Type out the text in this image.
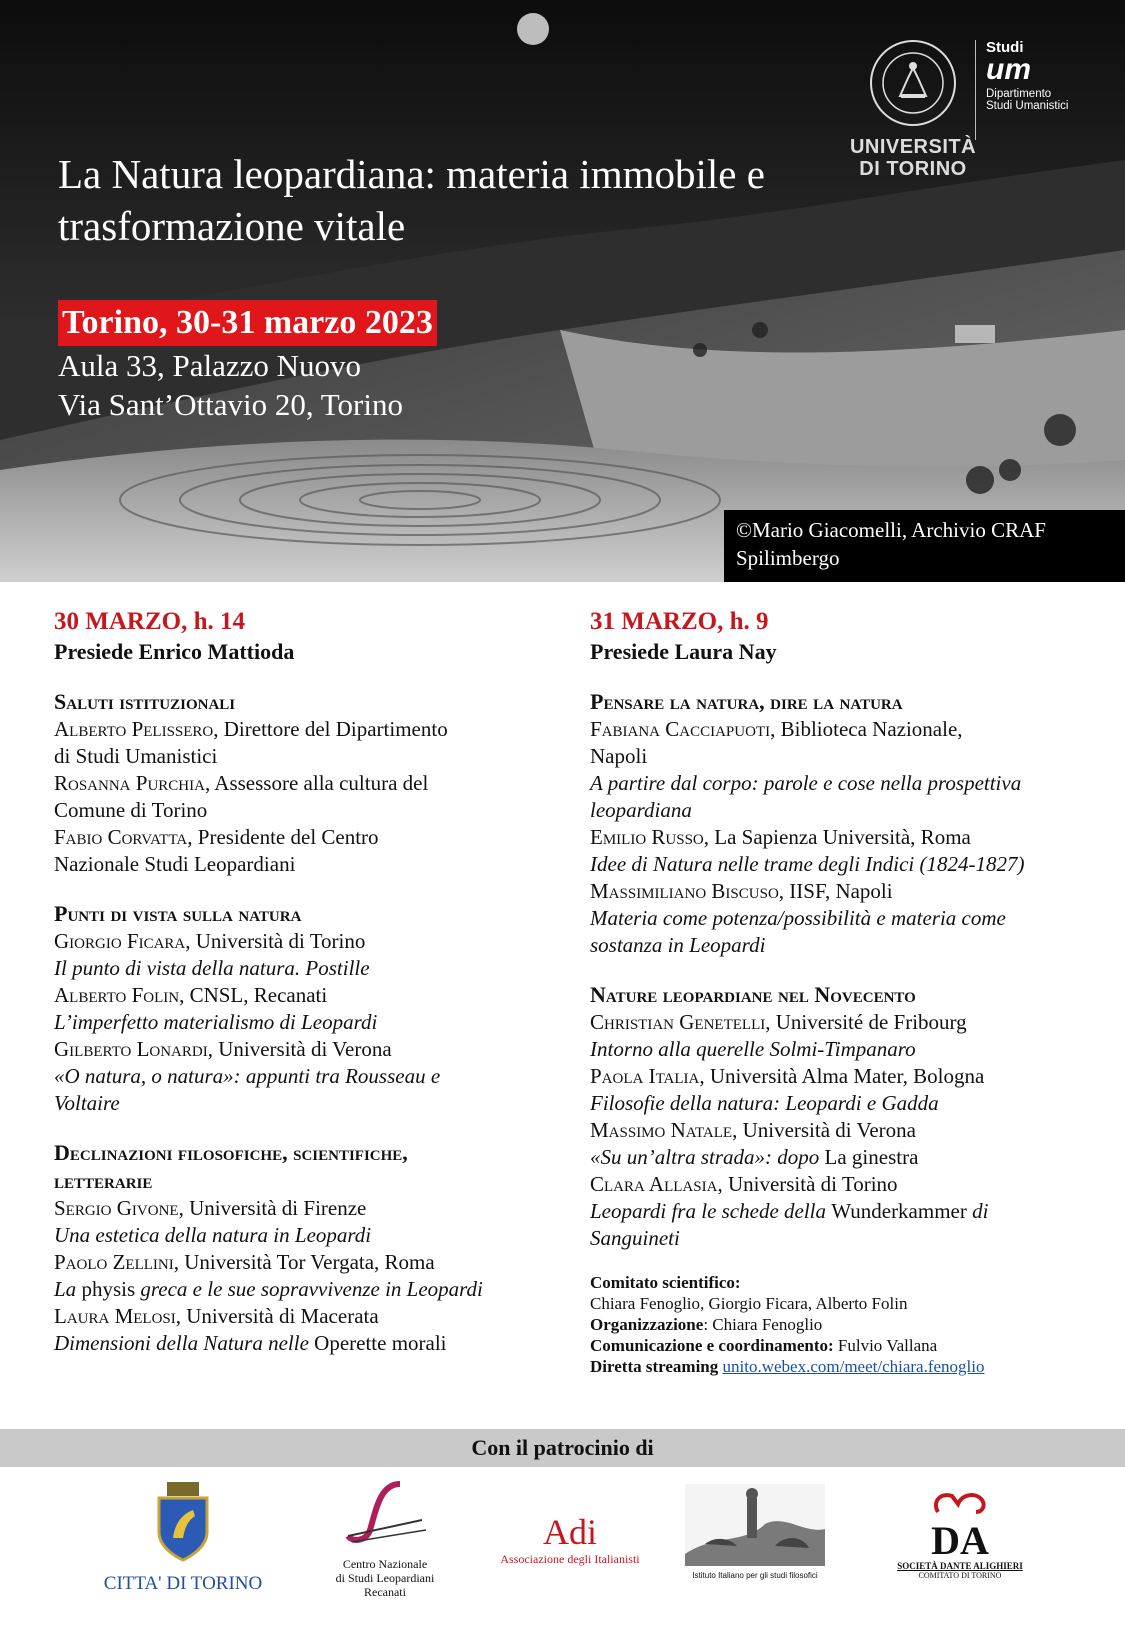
La Natura leopardiana: materia immobile e trasformazione vitale
Torino, 30-31 marzo 2023
Aula 33, Palazzo Nuovo
Via Sant’Ottavio 20, Torino
UNIVERSITÀ
DI TORINO
Studi
um
Dipartimento
Studi Umanistici
©Mario Giacomelli, Archivio CRAF
Spilimbergo
30 MARZO, h. 14
Presiede Enrico Mattioda
Saluti istituzionali
Alberto Pelissero, Direttore del Dipartimento
di Studi Umanistici
Rosanna Purchia, Assessore alla cultura del
Comune di Torino
Fabio Corvatta, Presidente del Centro
Nazionale Studi Leopardiani
Punti di vista sulla natura
Giorgio Ficara, Università di Torino
Il punto di vista della natura. Postille
Alberto Folin, CNSL, Recanati
L’imperfetto materialismo di Leopardi
Gilberto Lonardi, Università di Verona
«O natura, o natura»: appunti tra Rousseau e
Voltaire
Declinazioni filosofiche, scientifiche,
letterarie
Sergio Givone, Università di Firenze
Una estetica della natura in Leopardi
Paolo Zellini, Università Tor Vergata, Roma
La physis greca e le sue sopravvivenze in Leopardi
Laura Melosi, Università di Macerata
Dimensioni della Natura nelle Operette morali
31 MARZO, h. 9
Presiede Laura Nay
Pensare la natura, dire la natura
Fabiana Cacciapuoti, Biblioteca Nazionale,
Napoli
A partire dal corpo: parole e cose nella prospettiva
leopardiana
Emilio Russo, La Sapienza Università, Roma
Idee di Natura nelle trame degli Indici (1824-1827)
Massimiliano Biscuso, IISF, Napoli
Materia come potenza/possibilità e materia come
sostanza in Leopardi
Nature leopardiane nel Novecento
Christian Genetelli, Université de Fribourg
Intorno alla querelle Solmi-Timpanaro
Paola Italia, Università Alma Mater, Bologna
Filosofie della natura: Leopardi e Gadda
Massimo Natale, Università di Verona
«Su un’altra strada»: dopo La ginestra
Clara Allasia, Università di Torino
Leopardi fra le schede della Wunderkammer di
Sanguineti
Comitato scientifico:
Chiara Fenoglio, Giorgio Ficara, Alberto Folin
Organizzazione: Chiara Fenoglio
Comunicazione e coordinamento: Fulvio Vallana
Diretta streaming unito.webex.com/meet/chiara.fenoglio
Con il patrocinio di
CITTA' DI TORINO
Centro Nazionale
di Studi Leopardiani
Recanati
Adi
Associazione degli Italianisti
Istituto Italiano per gli studi filosofici
DA
SOCIETÀ DANTE ALIGHIERI
COMITATO DI TORINO
